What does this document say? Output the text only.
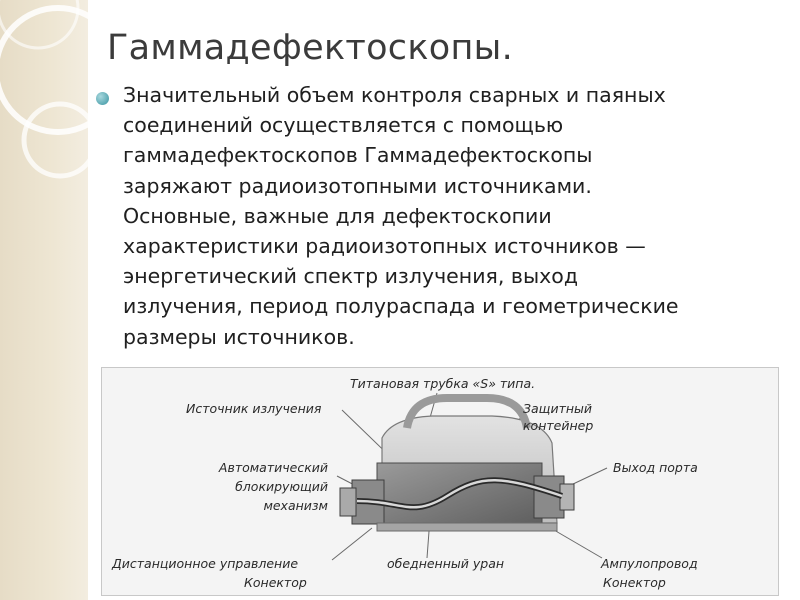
Гаммадефектоскопы.
Значительный объем контроля сварных и паяных
соединений осуществляется с помощью
гаммадефектоскопов Гаммадефектоскопы
заряжают радиоизотопными источниками.
Основные, важные для дефектоскопии
характеристики радиоизотопных источников —
энергетический спектр излучения, выход
излучения, период полураспада и геометрические
размеры источников.
Титановая трубка «S» типа.
Источник излучения	Защитный
контейнер
Автоматический
блокирующий
механизм
Выход порта
Дистанционное управление
Конектор
обедненный уран	Ампулопровод
Конектор
